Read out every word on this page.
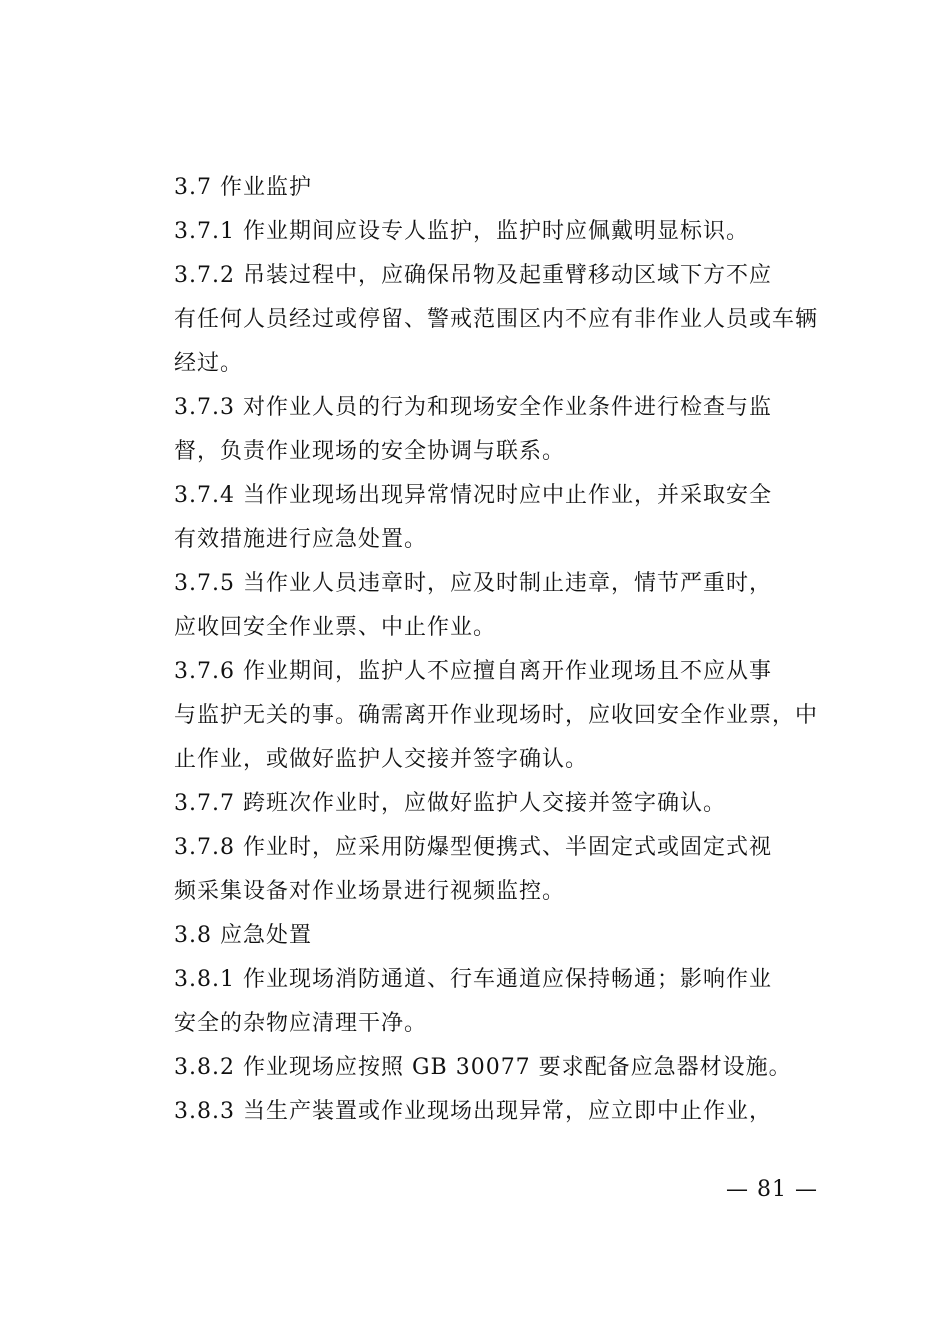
3.7 作业监护

3.7.1 作业期间应设专人监护，监护时应佩戴明显标识。

3.7.2 吊装过程中，应确保吊物及起重臂移动区域下方不应
有任何人员经过或停留、警戒范围区内不应有非作业人员或车辆
经过。

3.7.3 对作业人员的行为和现场安全作业条件进行检查与监
督，负责作业现场的安全协调与联系。

3.7.4 当作业现场出现异常情况时应中止作业，并采取安全
有效措施进行应急处置。

3.7.5 当作业人员违章时，应及时制止违章，情节严重时，
应收回安全作业票、中止作业。

3.7.6 作业期间，监护人不应擅自离开作业现场且不应从事
与监护无关的事。确需离开作业现场时，应收回安全作业票，中
止作业，或做好监护人交接并签字确认。

3.7.7 跨班次作业时，应做好监护人交接并签字确认。

3.7.8 作业时，应采用防爆型便携式、半固定式或固定式视
频采集设备对作业场景进行视频监控。

3.8 应急处置

3.8.1 作业现场消防通道、行车通道应保持畅通；影响作业
安全的杂物应清理干净。

3.8.2 作业现场应按照 GB 30077 要求配备应急器材设施。

3.8.3 当生产装置或作业现场出现异常，应立即中止作业，

— 81 —
